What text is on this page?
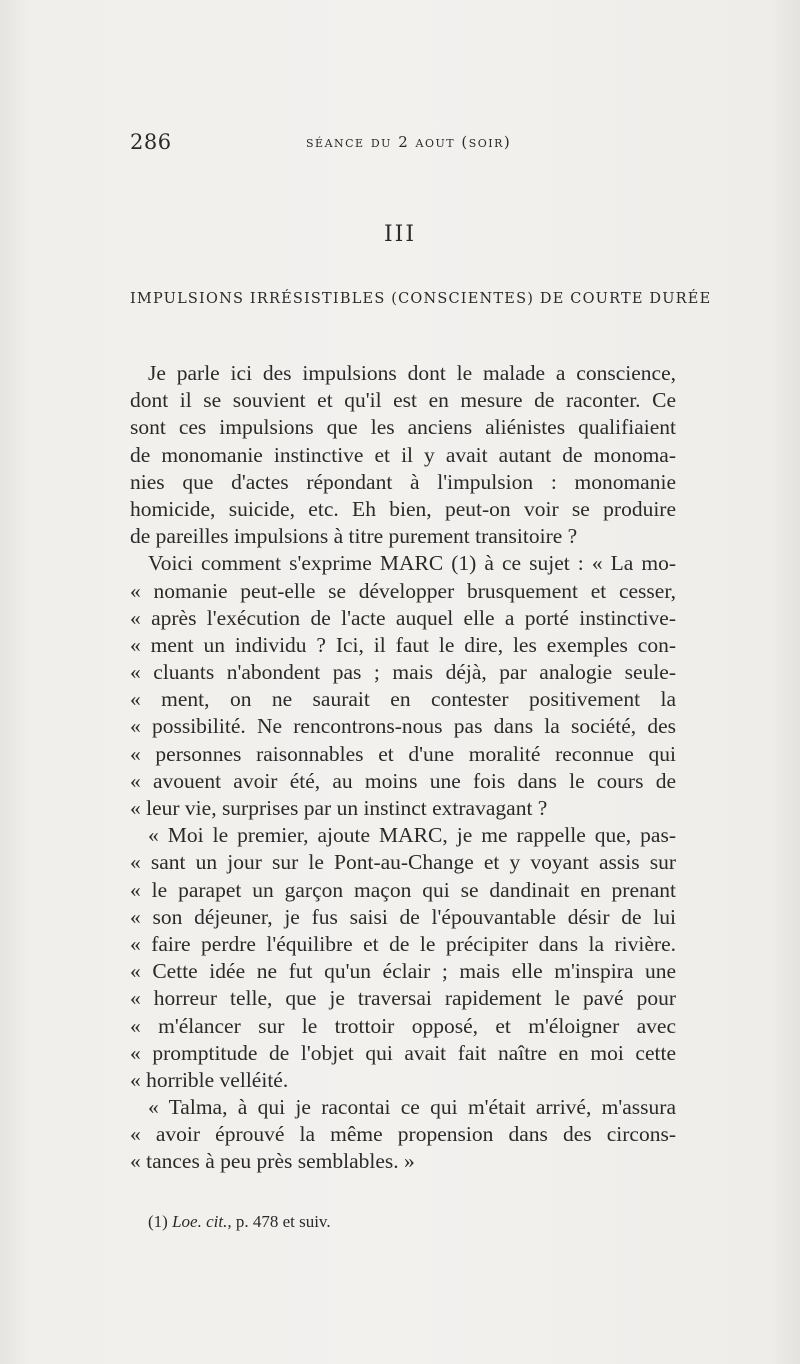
286	séance du 2 aout (soir)
III
IMPULSIONS IRRÉSISTIBLES (CONSCIENTES) DE COURTE DURÉE
Je parle ici des impulsions dont le malade a conscience,
dont il se souvient et qu'il est en mesure de raconter. Ce
sont ces impulsions que les anciens aliénistes qualifiaient
de monomanie instinctive et il y avait autant de monoma-
nies que d'actes répondant à l'impulsion : monomanie
homicide, suicide, etc. Eh bien, peut-on voir se produire
de pareilles impulsions à titre purement transitoire ?
Voici comment s'exprime MARC (1) à ce sujet : « La mo-
« nomanie peut-elle se développer brusquement et cesser,
« après l'exécution de l'acte auquel elle a porté instinctive-
« ment un individu ? Ici, il faut le dire, les exemples con-
« cluants n'abondent pas ; mais déjà, par analogie seule-
« ment, on ne saurait en contester positivement la
« possibilité. Ne rencontrons-nous pas dans la société, des
« personnes raisonnables et d'une moralité reconnue qui
« avouent avoir été, au moins une fois dans le cours de
« leur vie, surprises par un instinct extravagant ?
« Moi le premier, ajoute MARC, je me rappelle que, pas-
« sant un jour sur le Pont-au-Change et y voyant assis sur
« le parapet un garçon maçon qui se dandinait en prenant
« son déjeuner, je fus saisi de l'épouvantable désir de lui
« faire perdre l'équilibre et de le précipiter dans la rivière.
« Cette idée ne fut qu'un éclair ; mais elle m'inspira une
« horreur telle, que je traversai rapidement le pavé pour
« m'élancer sur le trottoir opposé, et m'éloigner avec
« promptitude de l'objet qui avait fait naître en moi cette
« horrible velléité.
« Talma, à qui je racontai ce qui m'était arrivé, m'assura
« avoir éprouvé la même propension dans des circons-
« tances à peu près semblables. »
(1) Loe. cit., p. 478 et suiv.
